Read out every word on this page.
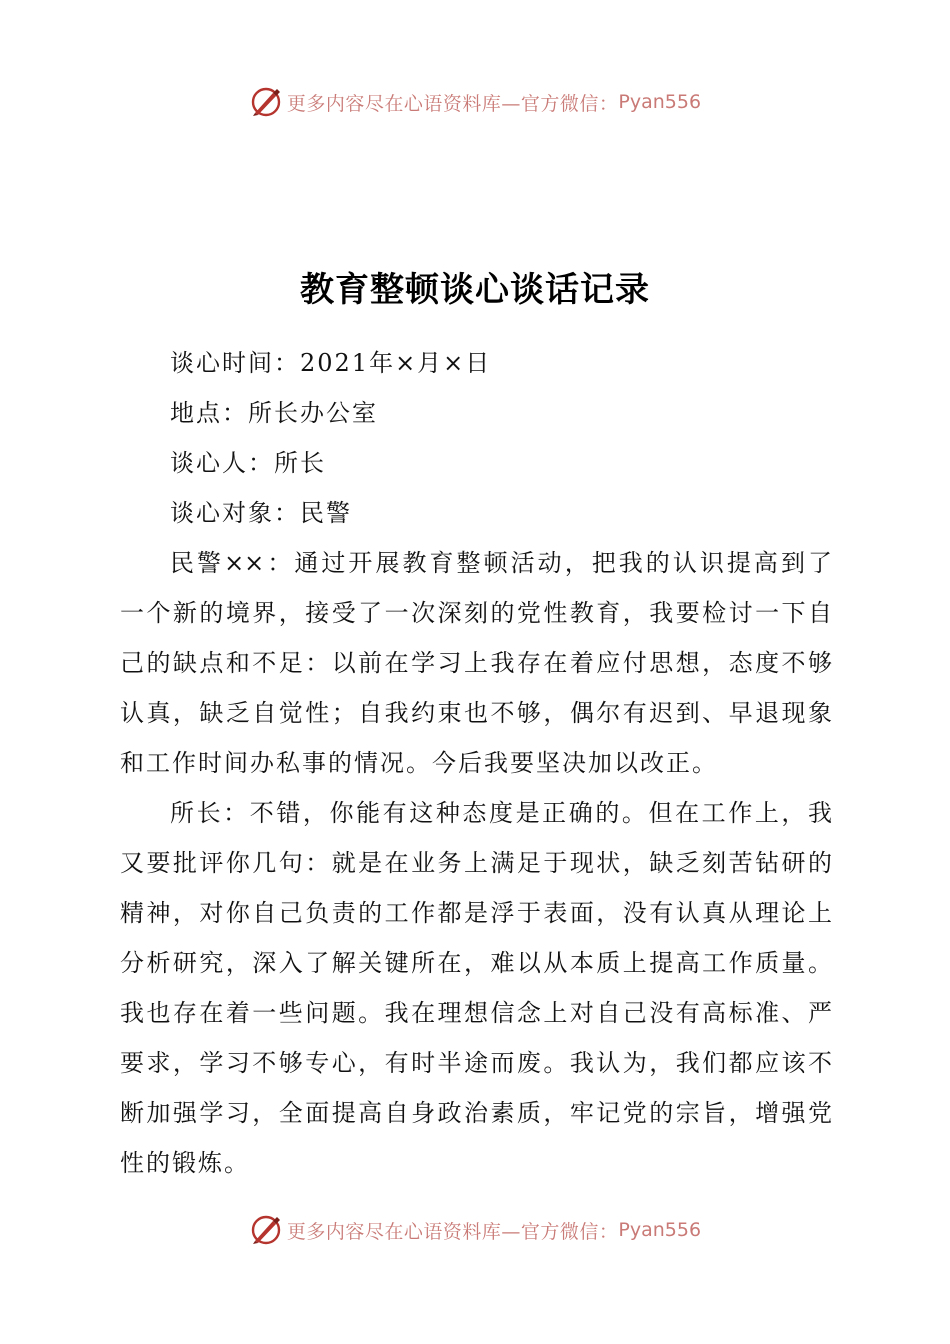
更多内容尽在心语资料库—官方微信： Pyan556
教育整顿谈心谈话记录
谈心时间：2021年×月×日
地点：所长办公室
谈心人：所长
谈心对象：民警
民警××：通过开展教育整顿活动，把我的认识提高到了
一个新的境界，接受了一次深刻的党性教育，我要检讨一下自
己的缺点和不足：以前在学习上我存在着应付思想，态度不够
认真，缺乏自觉性；自我约束也不够，偶尔有迟到、早退现象
和工作时间办私事的情况。今后我要坚决加以改正。
所长：不错，你能有这种态度是正确的。但在工作上，我
又要批评你几句：就是在业务上满足于现状，缺乏刻苦钻研的
精神，对你自己负责的工作都是浮于表面，没有认真从理论上
分析研究，深入了解关键所在，难以从本质上提高工作质量。
我也存在着一些问题。我在理想信念上对自己没有高标准、严
要求，学习不够专心，有时半途而废。我认为，我们都应该不
断加强学习，全面提高自身政治素质，牢记党的宗旨，增强党
性的锻炼。
更多内容尽在心语资料库—官方微信： Pyan556
